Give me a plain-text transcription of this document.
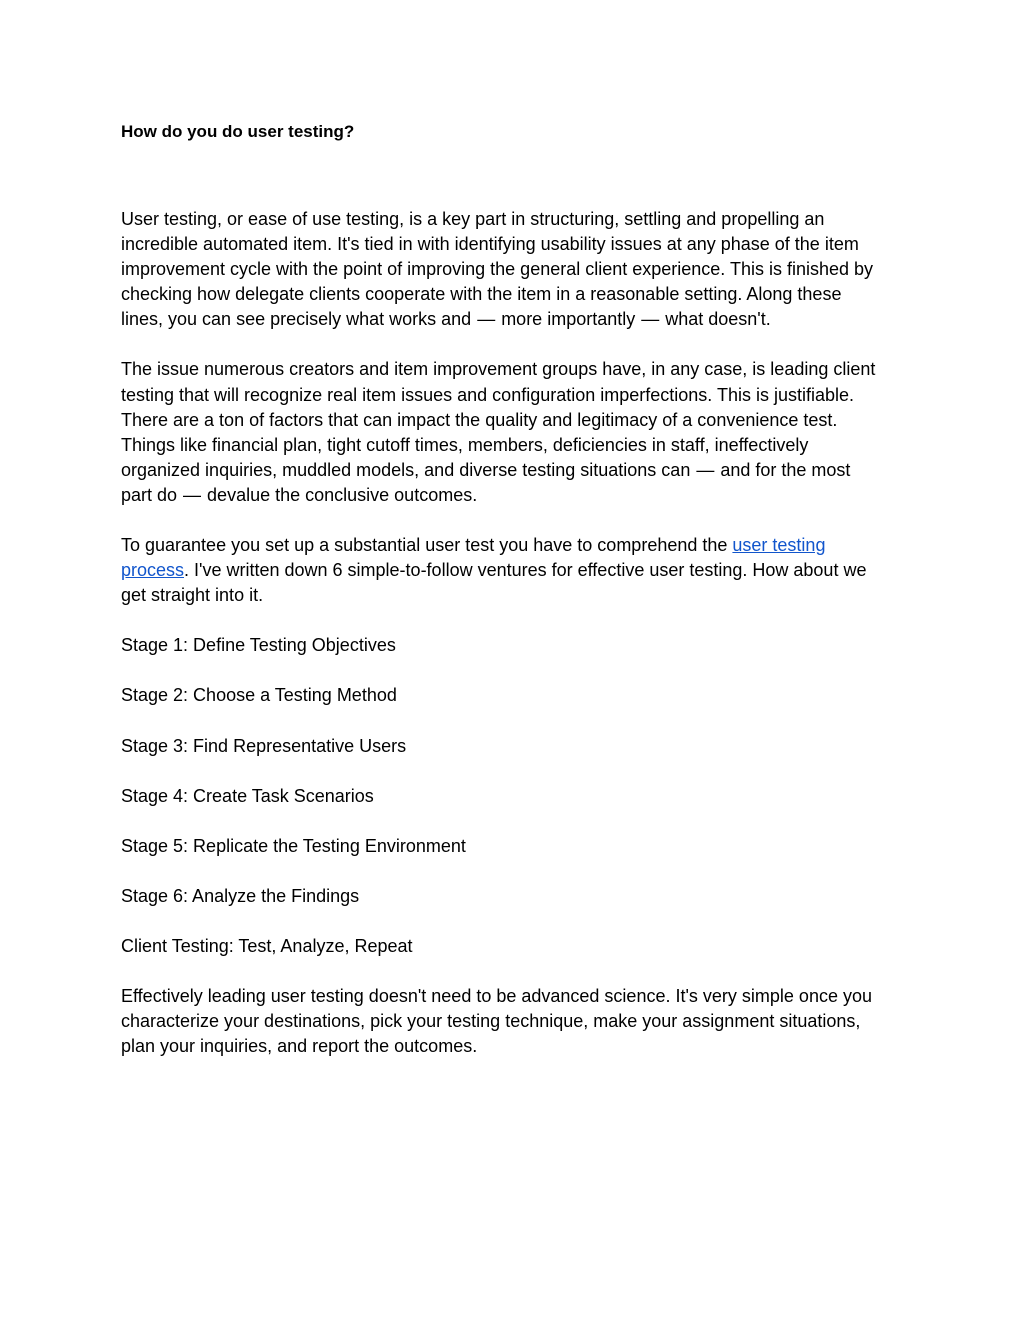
How do you do user testing?

User testing, or ease of use testing, is a key part in structuring, settling and propelling an
incredible automated item. It's tied in with identifying usability issues at any phase of the item
improvement cycle with the point of improving the general client experience. This is finished by
checking how delegate clients cooperate with the item in a reasonable setting. Along these
lines, you can see precisely what works and — more importantly — what doesn't.

The issue numerous creators and item improvement groups have, in any case, is leading client
testing that will recognize real item issues and configuration imperfections. This is justifiable.
There are a ton of factors that can impact the quality and legitimacy of a convenience test.
Things like financial plan, tight cutoff times, members, deficiencies in staff, ineffectively
organized inquiries, muddled models, and diverse testing situations can — and for the most
part do — devalue the conclusive outcomes.

To guarantee you set up a substantial user test you have to comprehend the user testing
process. I've written down 6 simple-to-follow ventures for effective user testing. How about we
get straight into it.

Stage 1: Define Testing Objectives

Stage 2: Choose a Testing Method

Stage 3: Find Representative Users

Stage 4: Create Task Scenarios

Stage 5: Replicate the Testing Environment

Stage 6: Analyze the Findings

Client Testing: Test, Analyze, Repeat

Effectively leading user testing doesn't need to be advanced science. It's very simple once you
characterize your destinations, pick your testing technique, make your assignment situations,
plan your inquiries, and report the outcomes.
